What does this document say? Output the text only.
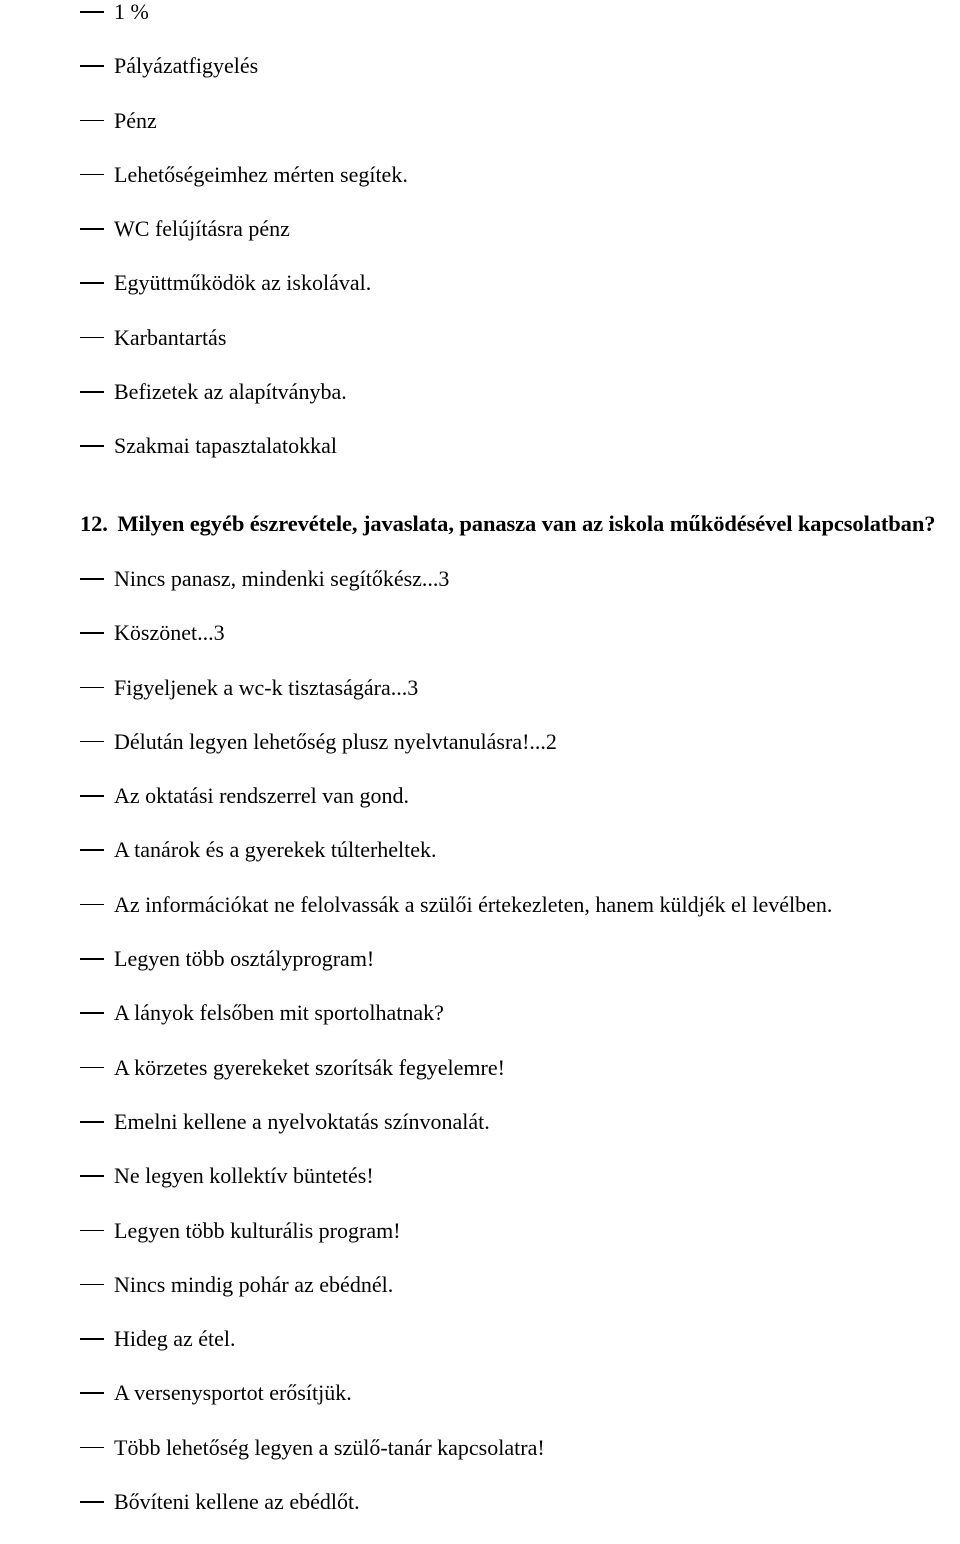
1 %
Pályázatfigyelés
Pénz
Lehetőségeimhez mérten segítek.
WC felújításra pénz
Együttműködök az iskolával.
Karbantartás
Befizetek az alapítványba.
Szakmai tapasztalatokkal
12. Milyen egyéb észrevétele, javaslata, panasza van az iskola működésével kapcsolatban?
Nincs panasz, mindenki segítőkész...3
Köszönet...3
Figyeljenek a wc-k tisztaságára...3
Délután legyen lehetőség plusz nyelvtanulásra!...2
Az oktatási rendszerrel van gond.
A tanárok és a gyerekek túlterheltek.
Az információkat ne felolvassák a szülői értekezleten, hanem küldjék el levélben.
Legyen több osztályprogram!
A lányok felsőben mit sportolhatnak?
A körzetes gyerekeket szorítsák fegyelemre!
Emelni kellene a nyelvoktatás színvonalát.
Ne legyen kollektív büntetés!
Legyen több kulturális program!
Nincs mindig pohár az ebédnél.
Hideg az étel.
A versenysportot erősítjük.
Több lehetőség legyen a szülő-tanár kapcsolatra!
Bővíteni kellene az ebédlőt.
